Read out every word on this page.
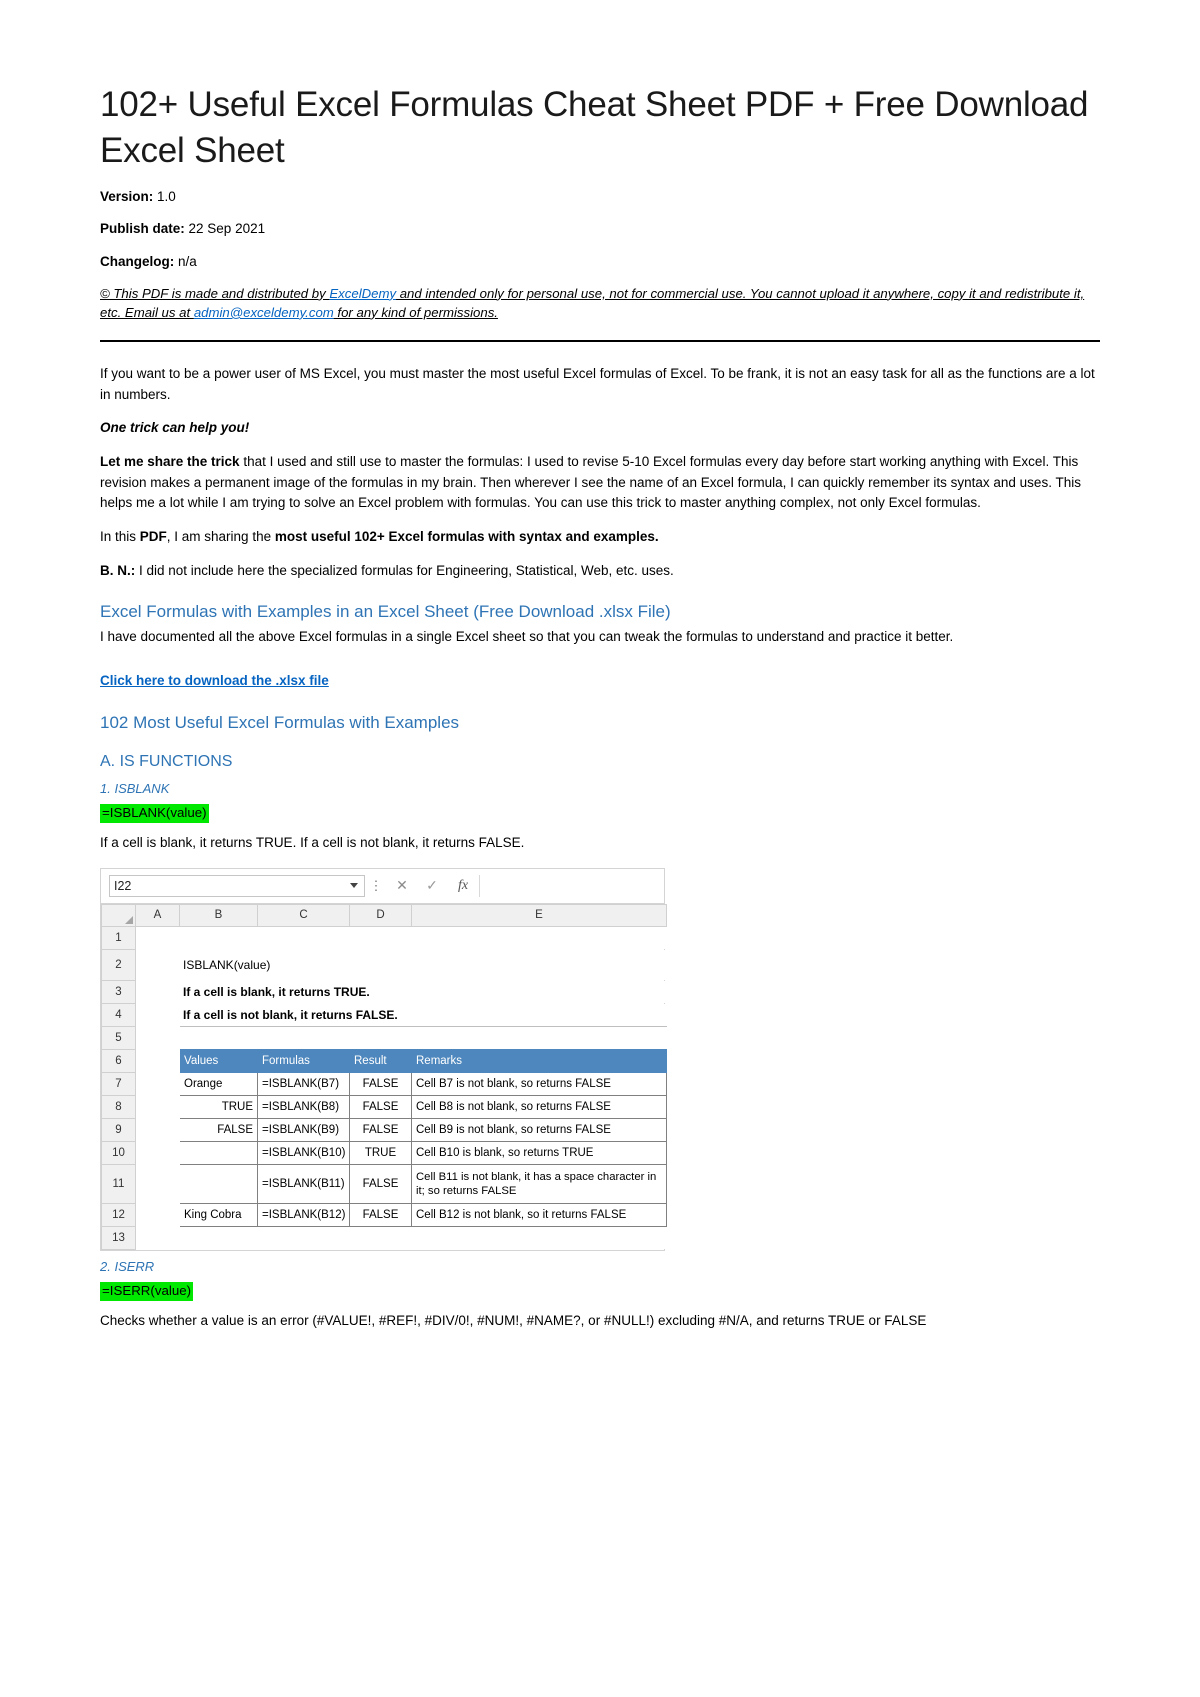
102+ Useful Excel Formulas Cheat Sheet PDF + Free Download Excel Sheet

Version: 1.0

Publish date: 22 Sep 2021

Changelog: n/a

© This PDF is made and distributed by ExcelDemy and intended only for personal use, not for commercial use. You cannot upload it anywhere, copy it and redistribute it, etc. Email us at admin@exceldemy.com for any kind of permissions.

If you want to be a power user of MS Excel, you must master the most useful Excel formulas of Excel. To be frank, it is not an easy task for all as the functions are a lot in numbers.

One trick can help you!

Let me share the trick that I used and still use to master the formulas: I used to revise 5-10 Excel formulas every day before start working anything with Excel. This revision makes a permanent image of the formulas in my brain. Then wherever I see the name of an Excel formula, I can quickly remember its syntax and uses. This helps me a lot while I am trying to solve an Excel problem with formulas. You can use this trick to master anything complex, not only Excel formulas.

In this PDF, I am sharing the most useful 102+ Excel formulas with syntax and examples.

B. N.: I did not include here the specialized formulas for Engineering, Statistical, Web, etc. uses.

Excel Formulas with Examples in an Excel Sheet (Free Download .xlsx File)

I have documented all the above Excel formulas in a single Excel sheet so that you can tweak the formulas to understand and practice it better.

Click here to download the .xlsx file
102 Most Useful Excel Formulas with Examples
A. IS FUNCTIONS
1. ISBLANK
=ISBLANK(value)

If a cell is blank, it returns TRUE. If a cell is not blank, it returns FALSE.

I22	⋮ ✕	✓	fx
	A	B	C	D	E
1					
2		ISBLANK(value)			
3		If a cell is blank, it returns TRUE.			
4		If a cell is not blank, it returns FALSE.			
5					
6		Values	Formulas	Result	Remarks
7		Orange	=ISBLANK(B7)	FALSE	Cell B7 is not blank, so returns FALSE
8		TRUE	=ISBLANK(B8)	FALSE	Cell B8 is not blank, so returns FALSE
9		FALSE	=ISBLANK(B9)	FALSE	Cell B9 is not blank, so returns FALSE
10			=ISBLANK(B10)	TRUE	Cell B10 is blank, so returns TRUE
11			=ISBLANK(B11)	FALSE	Cell B11 is not blank, it has a space character in it; so returns FALSE
12		King Cobra	=ISBLANK(B12)	FALSE	Cell B12 is not blank, so it returns FALSE
13					
2. ISERR
=ISERR(value)

Checks whether a value is an error (#VALUE!, #REF!, #DIV/0!, #NUM!, #NAME?, or #NULL!) excluding #N/A, and returns TRUE or FALSE
